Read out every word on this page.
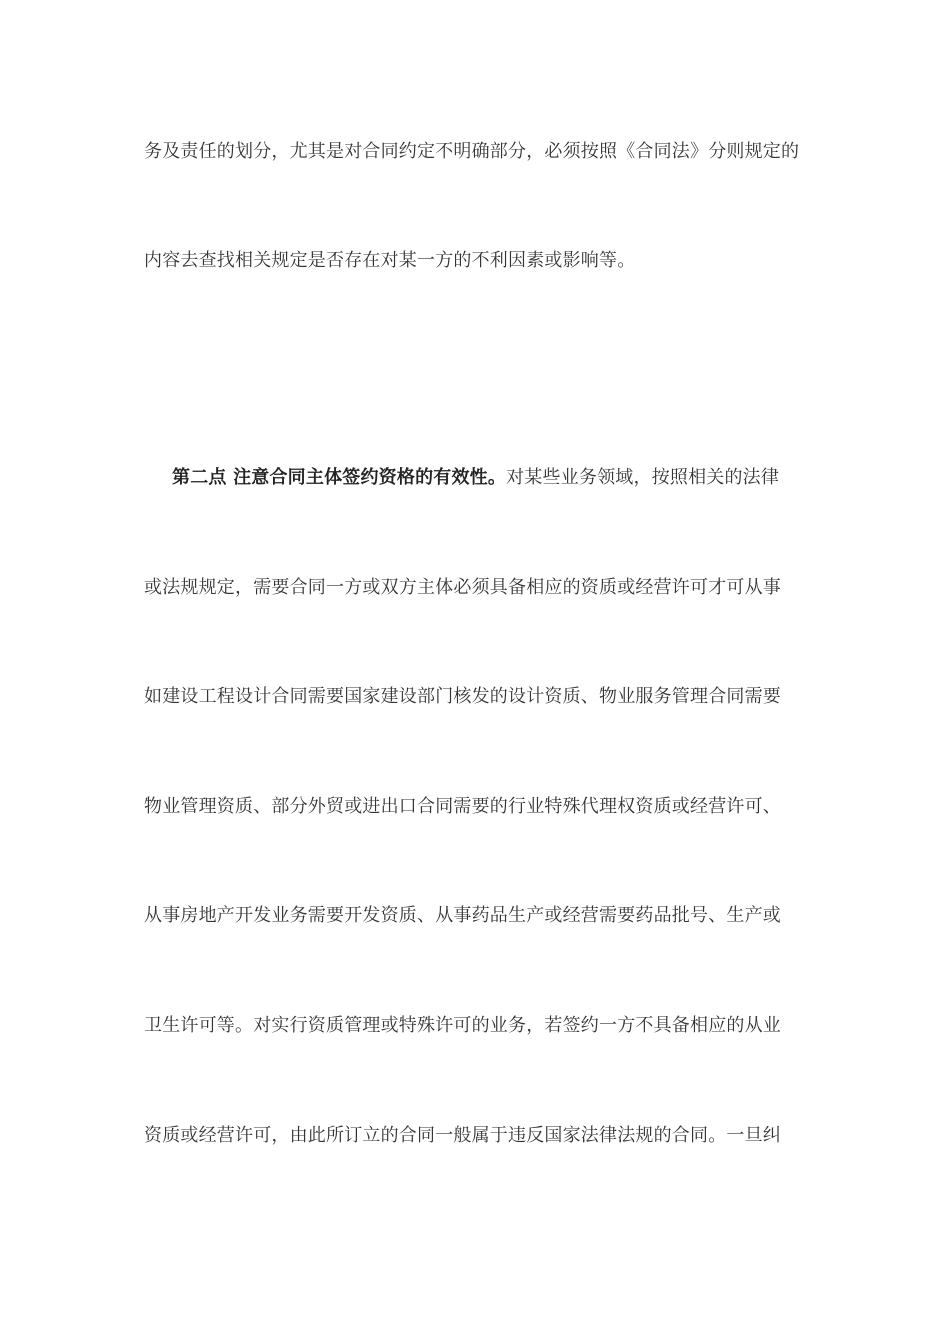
务及责任的划分，尤其是对合同约定不明确部分，必须按照《合同法》分则规定的
内容去查找相关规定是否存在对某一方的不利因素或影响等。
第二点 注意合同主体签约资格的有效性。对某些业务领域，按照相关的法律
或法规规定，需要合同一方或双方主体必须具备相应的资质或经营许可才可从事
如建设工程设计合同需要国家建设部门核发的设计资质、物业服务管理合同需要
物业管理资质、部分外贸或进出口合同需要的行业特殊代理权资质或经营许可、
从事房地产开发业务需要开发资质、从事药品生产或经营需要药品批号、生产或
卫生许可等。对实行资质管理或特殊许可的业务，若签约一方不具备相应的从业
资质或经营许可，由此所订立的合同一般属于违反国家法律法规的合同。一旦纠
